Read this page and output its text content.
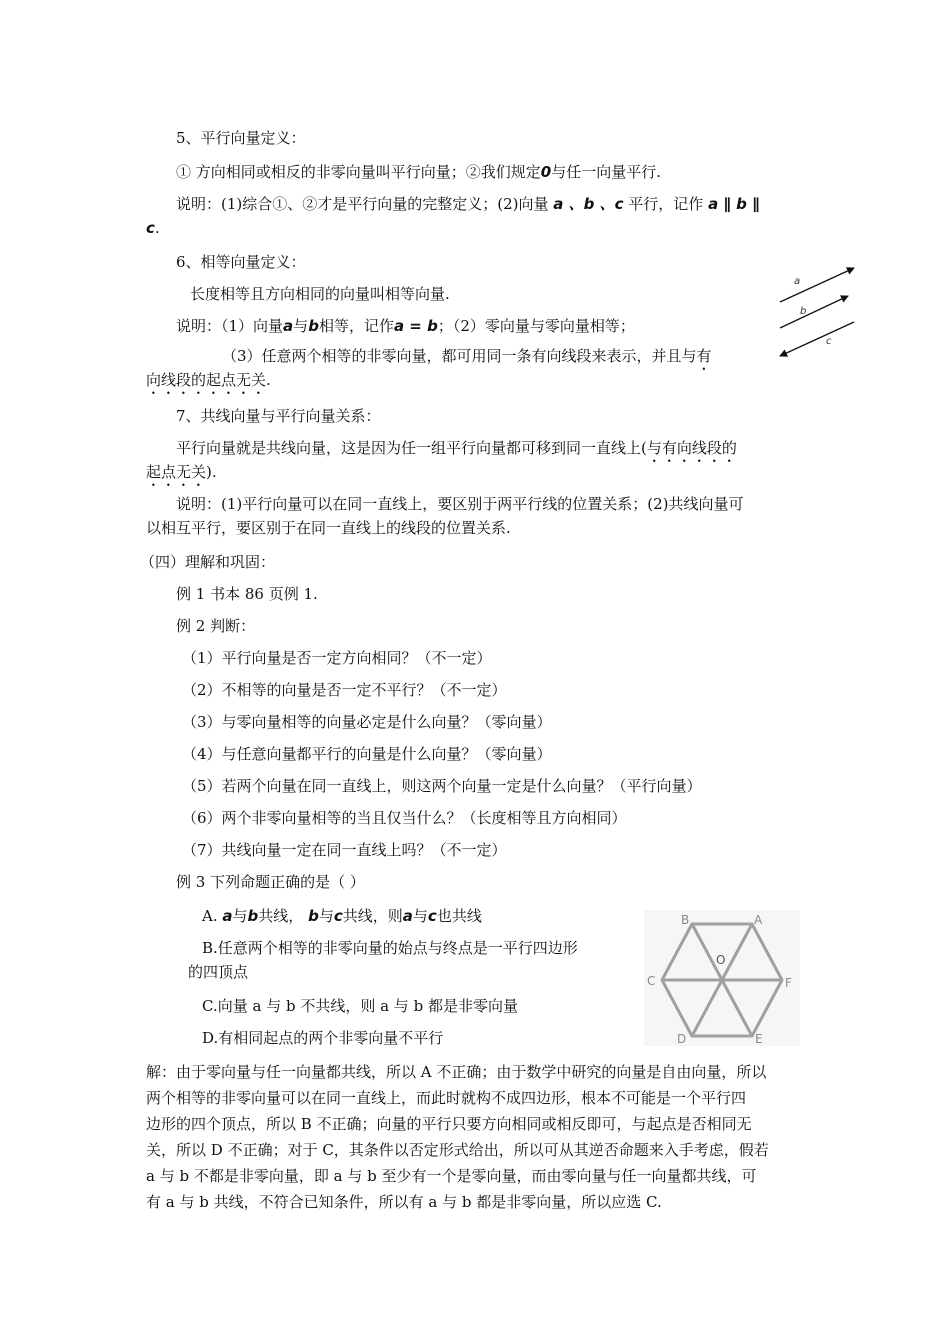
5、平行向量定义：
① 方向相同或相反的非零向量叫平行向量；②我们规定0与任一向量平行.
说明：(1)综合①、②才是平行向量的完整定义；(2)向量 a 、b 、c 平行，记作 a ∥ b ∥
c.
6、相等向量定义：
长度相等且方向相同的向量叫相等向量.
说明：（1）向量a与b相等，记作a = b；（2）零向量与零向量相等；
（3）任意两个相等的非零向量，都可用同一条有向线段来表示，并且与有
向线段的起点无关.
a
b
c
7、共线向量与平行向量关系：
平行向量就是共线向量，这是因为任一组平行向量都可移到同一直线上(与有向线段的
起点无关).
说明：(1)平行向量可以在同一直线上，要区别于两平行线的位置关系；(2)共线向量可
以相互平行，要区别于在同一直线上的线段的位置关系.
（四）理解和巩固：
例 1 书本 86 页例 1.
例 2 判断：
（1）平行向量是否一定方向相同？（不一定）
（2）不相等的向量是否一定不平行？（不一定）
（3）与零向量相等的向量必定是什么向量？（零向量）
（4）与任意向量都平行的向量是什么向量？（零向量）
（5）若两个向量在同一直线上，则这两个向量一定是什么向量？（平行向量）
（6）两个非零向量相等的当且仅当什么？（长度相等且方向相同）
（7）共线向量一定在同一直线上吗？（不一定）
例 3 下列命题正确的是（ ）
A. a与b共线， b与c共线，则a与c也共线
B.任意两个相等的非零向量的始点与终点是一平行四边形
的四顶点
C.向量 a 与 b 不共线，则 a 与 b 都是非零向量
D.有相同起点的两个非零向量不平行
B	A
O
C	F
D	E
解：由于零向量与任一向量都共线，所以 A 不正确；由于数学中研究的向量是自由向量，所以
两个相等的非零向量可以在同一直线上，而此时就构不成四边形，根本不可能是一个平行四
边形的四个顶点，所以 B 不正确；向量的平行只要方向相同或相反即可，与起点是否相同无
关，所以 D 不正确；对于 C，其条件以否定形式给出，所以可从其逆否命题来入手考虑，假若
a 与 b 不都是非零向量，即 a 与 b 至少有一个是零向量，而由零向量与任一向量都共线，可
有 a 与 b 共线，不符合已知条件，所以有 a 与 b 都是非零向量，所以应选 C.
